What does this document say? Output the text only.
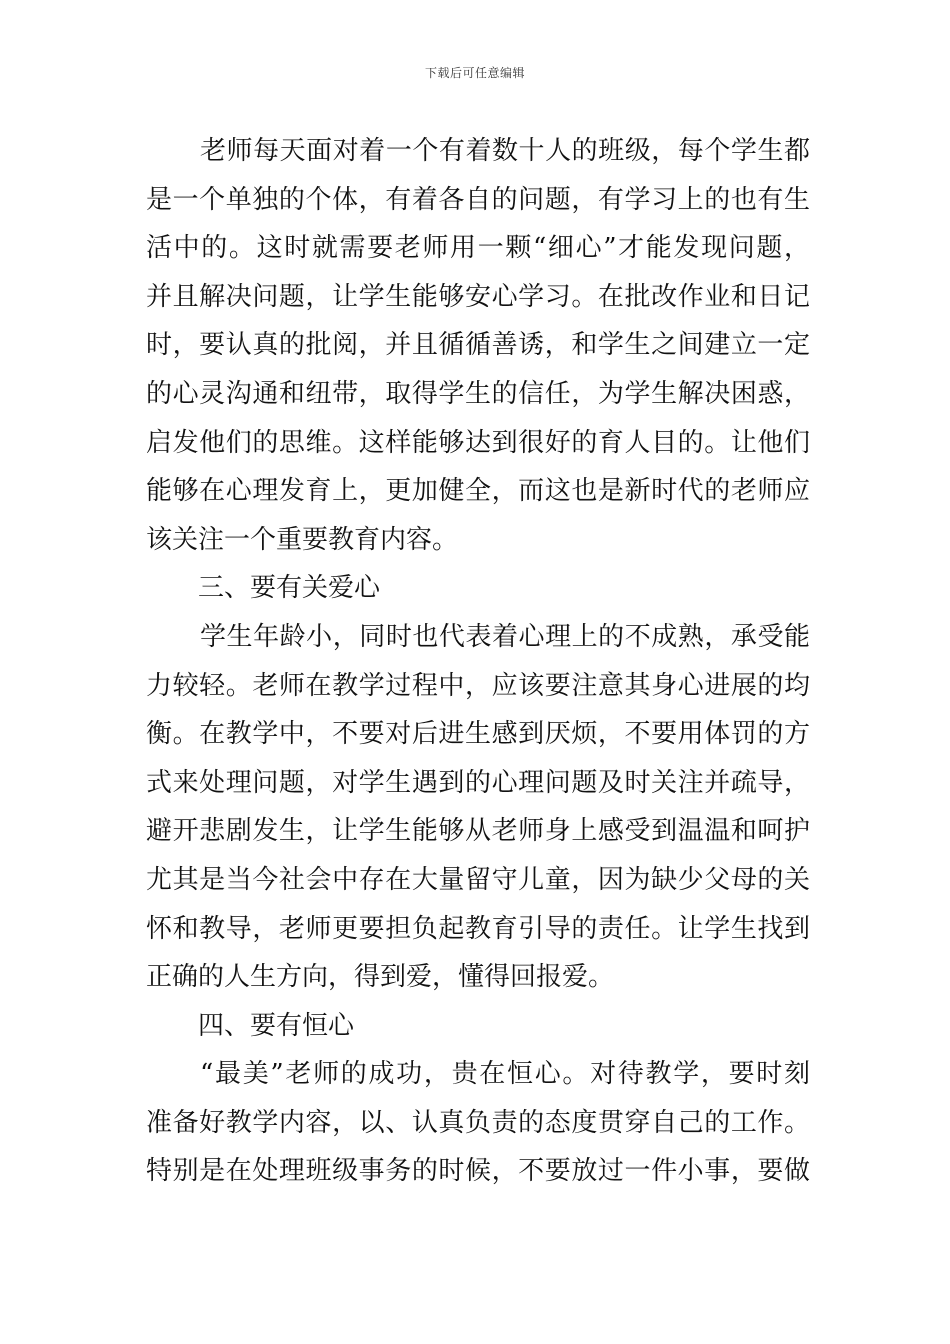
下载后可任意编辑
老师每天面对着一个有着数十人的班级，每个学生都
是一个单独的个体，有着各自的问题，有学习上的也有生
活中的。这时就需要老师用一颗“细心”才能发现问题，
并且解决问题，让学生能够安心学习。在批改作业和日记
时，要认真的批阅，并且循循善诱，和学生之间建立一定
的心灵沟通和纽带，取得学生的信任，为学生解决困惑，
启发他们的思维。这样能够达到很好的育人目的。让他们
能够在心理发育上，更加健全，而这也是新时代的老师应
该关注一个重要教育内容。
三、要有关爱心
学生年龄小，同时也代表着心理上的不成熟，承受能
力较轻。老师在教学过程中，应该要注意其身心进展的均
衡。在教学中，不要对后进生感到厌烦，不要用体罚的方
式来处理问题，对学生遇到的心理问题及时关注并疏导，
避开悲剧发生，让学生能够从老师身上感受到温温和呵护
尤其是当今社会中存在大量留守儿童，因为缺少父母的关
怀和教导，老师更要担负起教育引导的责任。让学生找到
正确的人生方向，得到爱，懂得回报爱。
四、要有恒心
“最美”老师的成功，贵在恒心。对待教学，要时刻
准备好教学内容，以、认真负责的态度贯穿自己的工作。
特别是在处理班级事务的时候，不要放过一件小事，要做
